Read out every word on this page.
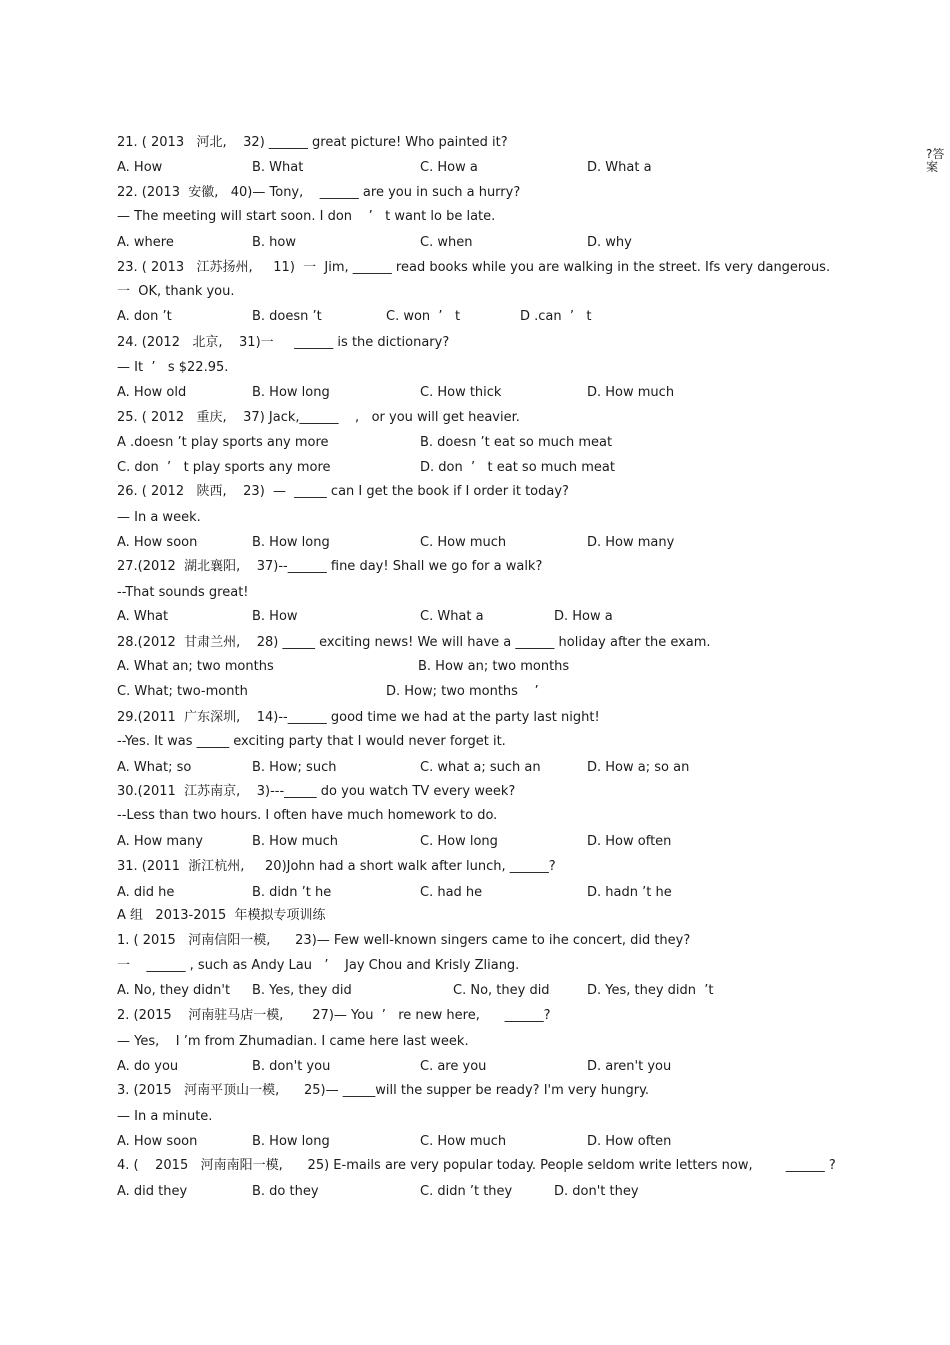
?答
案
21. ( 2013   河北,    32) ______ great picture! Who painted it?
A. How	B. What	C. How a	D. What a
22. (2013  安徽,   40)— Tony,    ______ are you in such a hurry?
— The meeting will start soon. I don    ’   t want lo be late.
A. where	B. how	C. when	D. why
23. ( 2013   江苏扬州,     11)  一  Jim, ______ read books while you are walking in the street. Ifs very dangerous.
一  OK, thank you.
A. don ’t	B. doesn ’t	C. won  ’   t	D .can  ’   t
24. (2012   北京,    31)一     ______ is the dictionary?
— It  ’   s $22.95.
A. How old	B. How long	C. How thick	D. How much
25. ( 2012   重庆,    37) Jack,______    ,   or you will get heavier.
A .doesn ’t play sports any more	B. doesn ’t eat so much meat
C. don  ’   t play sports any more	D. don  ’   t eat so much meat
26. ( 2012   陕西,    23)  —  _____ can I get the book if I order it today?
— In a week.
A. How soon	B. How long	C. How much	D. How many
27.(2012  湖北襄阳,    37)--______ fine day! Shall we go for a walk?
--That sounds great!
A. What	B. How	C. What a	D. How a
28.(2012  甘肃兰州,    28) _____ exciting news! We will have a ______ holiday after the exam.
A. What an; two months	B. How an; two months
C. What; two-month	D. How; two months    ’
29.(2011  广东深圳,    14)--______ good time we had at the party last night!
--Yes. It was _____ exciting party that I would never forget it.
A. What; so	B. How; such	C. what a; such an	D. How a; so an
30.(2011  江苏南京,    3)---_____ do you watch TV every week?
--Less than two hours. I often have much homework to do.
A. How many	B. How much	C. How long	D. How often
31. (2011  浙江杭州,     20)John had a short walk after lunch, ______?
A. did he	B. didn ’t he	C. had he	D. hadn ’t he
A 组   2013-2015  年模拟专项训练
1. ( 2015   河南信阳一模,      23)— Few well-known singers came to ihe concert, did they?
一    ______ , such as Andy Lau   ’    Jay Chou and Krisly Zliang.
A. No, they didn't B. Yes, they did	C. No, they did	D. Yes, they didn  ’t
2. (2015    河南驻马店一模,       27)— You  ’   re new here,      ______?
— Yes,    I ’m from Zhumadian. I came here last week.
A. do you	B. don't you	C. are you	D. aren't you
3. (2015   河南平顶山一模,      25)— _____will the supper be ready? I'm very hungry.
— In a minute.
A. How soon	B. How long	C. How much	D. How often
4. (    2015   河南南阳一模,      25) E-mails are very popular today. People seldom write letters now,        ______ ?
A. did they	B. do they	C. didn ’t they	D. don't they
